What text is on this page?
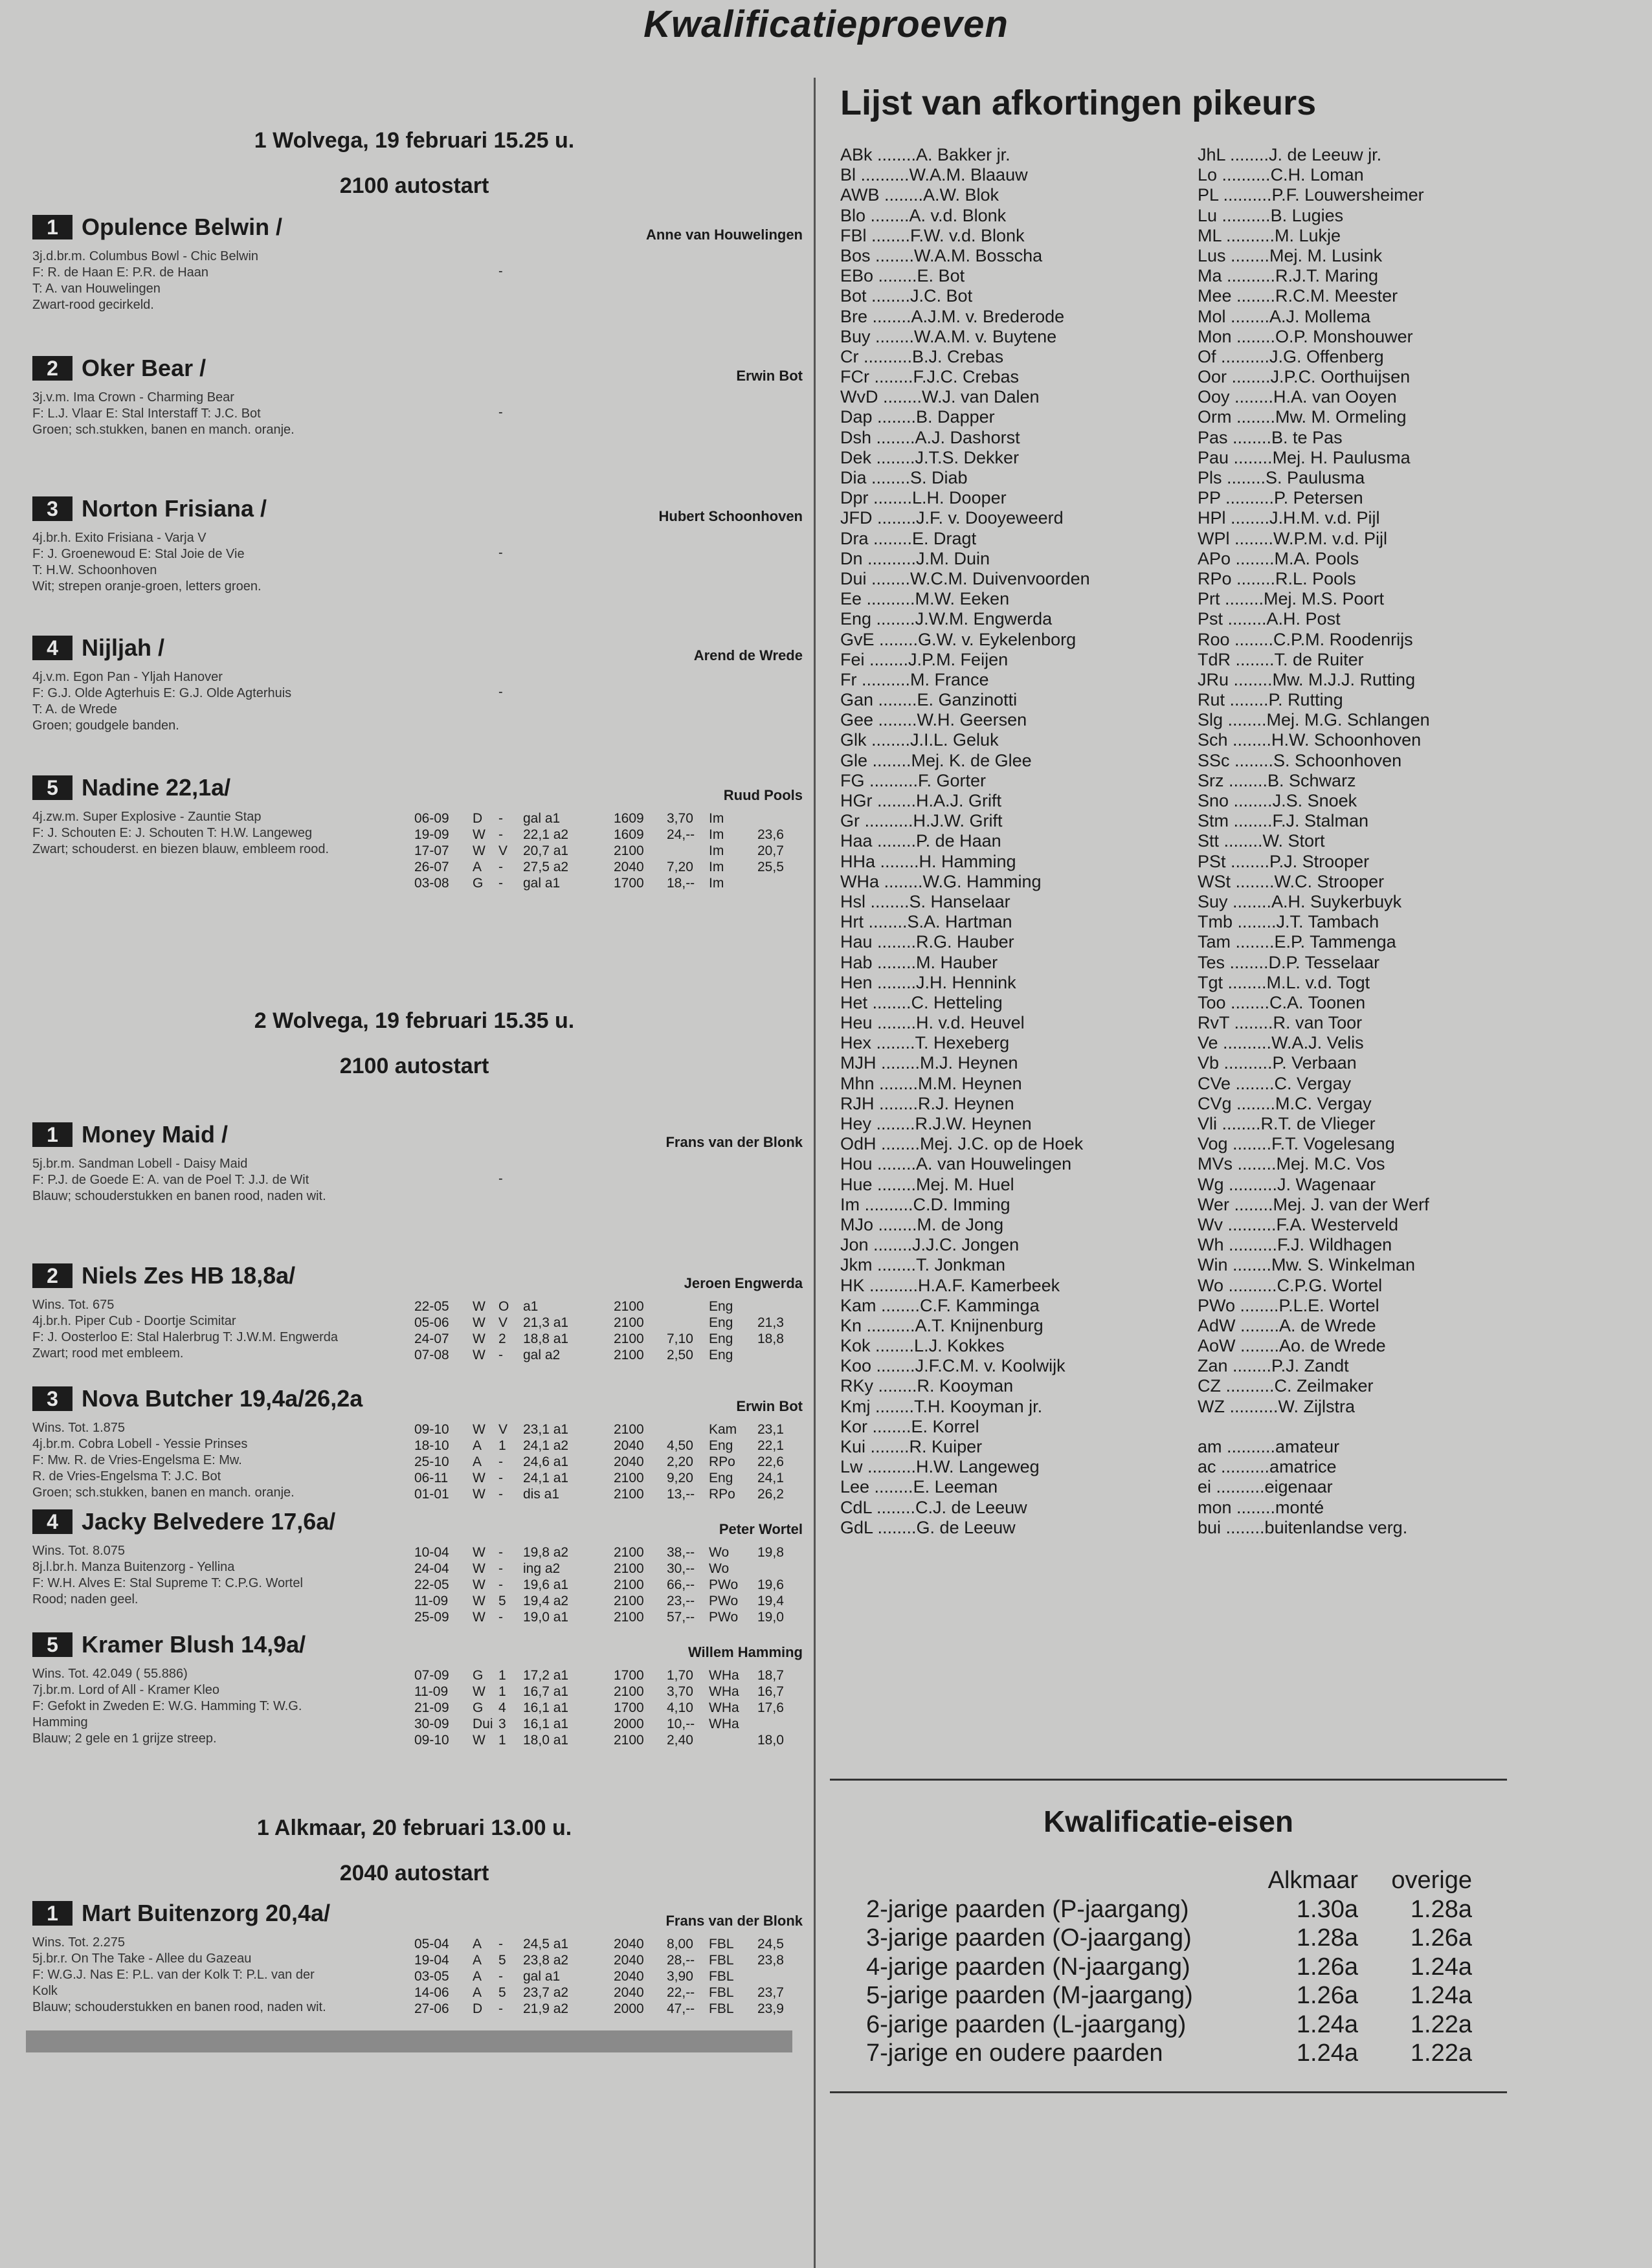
Kwalificatieproeven
1 Wolvega, 19 februari 15.25 u.
2100 autostart
1 Opulence Belwin /	Anne van Houwelingen
3j.d.br.m. Columbus Bowl - Chic Belwin
F: R. de Haan E: P.R. de Haan
T: A. van Houwelingen
Zwart-rood gecirkeld.
-
2 Oker Bear /	Erwin Bot
3j.v.m. Ima Crown - Charming Bear
F: L.J. Vlaar E: Stal Interstaff T: J.C. Bot
Groen; sch.stukken, banen en manch. oranje.
-
3 Norton Frisiana /	Hubert Schoonhoven
4j.br.h. Exito Frisiana - Varja V
F: J. Groenewoud E: Stal Joie de Vie
T: H.W. Schoonhoven
Wit; strepen oranje-groen, letters groen.
-
4 Nijljah /	Arend de Wrede
4j.v.m. Egon Pan - Yljah Hanover
F: G.J. Olde Agterhuis E: G.J. Olde Agterhuis
T: A. de Wrede
Groen; goudgele banden.
-
5 Nadine 22,1a/	Ruud Pools
4j.zw.m. Super Explosive - Zauntie Stap
F: J. Schouten E: J. Schouten T: H.W. Langeweg
Zwart; schouderst. en biezen blauw, embleem rood.
06-09 D - gal a1	1609 3,70 Im
19-09 W - 22,1 a2	1609 24,-- Im 23,6
17-07 W V 20,7 a1	2100	Im 20,7
26-07 A - 27,5 a2	2040 7,20 Im 25,5
03-08 G - gal a1	1700 18,-- Im
2 Wolvega, 19 februari 15.35 u.
2100 autostart
1 Money Maid /	Frans van der Blonk
5j.br.m. Sandman Lobell - Daisy Maid
F: P.J. de Goede E: A. van de Poel T: J.J. de Wit
Blauw; schouderstukken en banen rood, naden wit.
-
2 Niels Zes HB 18,8a/	Jeroen Engwerda
Wins. Tot. 675
4j.br.h. Piper Cub - Doortje Scimitar
F: J. Oosterloo E: Stal Halerbrug T: J.W.M. Engwerda
Zwart; rood met embleem.
22-05 W O a1	2100	Eng
05-06 W V 21,3 a1	2100	Eng 21,3
24-07 W 2 18,8 a1	2100 7,10 Eng 18,8
07-08 W - gal a2	2100 2,50 Eng
3 Nova Butcher 19,4a/26,2a	Erwin Bot
Wins. Tot. 1.875
4j.br.m. Cobra Lobell - Yessie Prinses
F: Mw. R. de Vries-Engelsma E: Mw.
R. de Vries-Engelsma T: J.C. Bot
Groen; sch.stukken, banen en manch. oranje.
09-10 W V 23,1 a1	2100	Kam 23,1
18-10 A 1 24,1 a2	2040 4,50 Eng 22,1
25-10 A - 24,6 a1	2040 2,20 RPo 22,6
06-11 W - 24,1 a1	2100 9,20 Eng 24,1
01-01 W - dis a1	2100 13,-- RPo 26,2
4 Jacky Belvedere 17,6a/	Peter Wortel
Wins. Tot. 8.075
8j.l.br.h. Manza Buitenzorg - Yellina
F: W.H. Alves E: Stal Supreme T: C.P.G. Wortel
Rood; naden geel.
10-04 W - 19,8 a2	2100 38,-- Wo 19,8
24-04 W - ing a2	2100 30,-- Wo
22-05 W - 19,6 a1	2100 66,-- PWo 19,6
11-09 W 5 19,4 a2	2100 23,-- PWo 19,4
25-09 W - 19,0 a1	2100 57,-- PWo 19,0
5 Kramer Blush 14,9a/	Willem Hamming
Wins. Tot. 42.049 ( 55.886)
7j.br.m. Lord of All - Kramer Kleo
F: Gefokt in Zweden E: W.G. Hamming T: W.G.
Hamming
Blauw; 2 gele en 1 grijze streep.
07-09 G 1 17,2 a1	1700 1,70 WHa 18,7
11-09 W 1 16,7 a1	2100 3,70 WHa 16,7
21-09 G 4 16,1 a1	1700 4,10 WHa 17,6
30-09 Dui 3 16,1 a1	2000 10,-- WHa
09-10 W 1 18,0 a1	2100 2,40	18,0
1 Alkmaar, 20 februari 13.00 u.
2040 autostart
1 Mart Buitenzorg 20,4a/	Frans van der Blonk
Wins. Tot. 2.275
5j.br.r. On The Take - Allee du Gazeau
F: W.G.J. Nas E: P.L. van der Kolk T: P.L. van der
Kolk
Blauw; schouderstukken en banen rood, naden wit.
05-04 A - 24,5 a1	2040 8,00 FBL 24,5
19-04 A 5 23,8 a2	2040 28,-- FBL 23,8
03-05 A - gal a1	2040 3,90 FBL
14-06 A 5 23,7 a2	2040 22,-- FBL 23,7
27-06 D - 21,9 a2	2000 47,-- FBL 23,9
Lijst van afkortingen pikeurs
ABk ........A. Bakker jr.
Bl ..........W.A.M. Blaauw
AWB ........A.W. Blok
Blo ........A. v.d. Blonk
FBl ........F.W. v.d. Blonk
Bos ........W.A.M. Bosscha
EBo ........E. Bot
Bot ........J.C. Bot
Bre ........A.J.M. v. Brederode
Buy ........W.A.M. v. Buytene
Cr ..........B.J. Crebas
FCr ........F.J.C. Crebas
WvD ........W.J. van Dalen
Dap ........B. Dapper
Dsh ........A.J. Dashorst
Dek ........J.T.S. Dekker
Dia ........S. Diab
Dpr ........L.H. Dooper
JFD ........J.F. v. Dooyeweerd
Dra ........E. Dragt
Dn ..........J.M. Duin
Dui ........W.C.M. Duivenvoorden
Ee ..........M.W. Eeken
Eng ........J.W.M. Engwerda
GvE ........G.W. v. Eykelenborg
Fei ........J.P.M. Feijen
Fr ..........M. France
Gan ........E. Ganzinotti
Gee ........W.H. Geersen
Glk ........J.I.L. Geluk
Gle ........Mej. K. de Glee
FG ..........F. Gorter
HGr ........H.A.J. Grift
Gr ..........H.J.W. Grift
Haa ........P. de Haan
HHa ........H. Hamming
WHa ........W.G. Hamming
Hsl ........S. Hanselaar
Hrt ........S.A. Hartman
Hau ........R.G. Hauber
Hab ........M. Hauber
Hen ........J.H. Hennink
Het ........C. Hetteling
Heu ........H. v.d. Heuvel
Hex ........T. Hexeberg
MJH ........M.J. Heynen
Mhn ........M.M. Heynen
RJH ........R.J. Heynen
Hey ........R.J.W. Heynen
OdH ........Mej. J.C. op de Hoek
Hou ........A. van Houwelingen
Hue ........Mej. M. Huel
Im ..........C.D. Imming
MJo ........M. de Jong
Jon ........J.J.C. Jongen
Jkm ........T. Jonkman
HK ..........H.A.F. Kamerbeek
Kam ........C.F. Kamminga
Kn ..........A.T. Knijnenburg
Kok ........L.J. Kokkes
Koo ........J.F.C.M. v. Koolwijk
RKy ........R. Kooyman
Kmj ........T.H. Kooyman jr.
Kor ........E. Korrel
Kui ........R. Kuiper
Lw ..........H.W. Langeweg
Lee ........E. Leeman
CdL ........C.J. de Leeuw
GdL ........G. de Leeuw
JhL ........J. de Leeuw jr.
Lo ..........C.H. Loman
PL ..........P.F. Louwersheimer
Lu ..........B. Lugies
ML ..........M. Lukje
Lus ........Mej. M. Lusink
Ma ..........R.J.T. Maring
Mee ........R.C.M. Meester
Mol ........A.J. Mollema
Mon ........O.P. Monshouwer
Of ..........J.G. Offenberg
Oor ........J.P.C. Oorthuijsen
Ooy ........H.A. van Ooyen
Orm ........Mw. M. Ormeling
Pas ........B. te Pas
Pau ........Mej. H. Paulusma
Pls ........S. Paulusma
PP ..........P. Petersen
HPl ........J.H.M. v.d. Pijl
WPl ........W.P.M. v.d. Pijl
APo ........M.A. Pools
RPo ........R.L. Pools
Prt ........Mej. M.S. Poort
Pst ........A.H. Post
Roo ........C.P.M. Roodenrijs
TdR ........T. de Ruiter
JRu ........Mw. M.J.J. Rutting
Rut ........P. Rutting
Slg ........Mej. M.G. Schlangen
Sch ........H.W. Schoonhoven
SSc ........S. Schoonhoven
Srz ........B. Schwarz
Sno ........J.S. Snoek
Stm ........F.J. Stalman
Stt ........W. Stort
PSt ........P.J. Strooper
WSt ........W.C. Strooper
Suy ........A.H. Suykerbuyk
Tmb ........J.T. Tambach
Tam ........E.P. Tammenga
Tes ........D.P. Tesselaar
Tgt ........M.L. v.d. Togt
Too ........C.A. Toonen
RvT ........R. van Toor
Ve ..........W.A.J. Velis
Vb ..........P. Verbaan
CVe ........C. Vergay
CVg ........M.C. Vergay
Vli ........R.T. de Vlieger
Vog ........F.T. Vogelesang
MVs ........Mej. M.C. Vos
Wg ..........J. Wagenaar
Wer ........Mej. J. van der Werf
Wv ..........F.A. Westerveld
Wh ..........F.J. Wildhagen
Win ........Mw. S. Winkelman
Wo ..........C.P.G. Wortel
PWo ........P.L.E. Wortel
AdW ........A. de Wrede
AoW ........Ao. de Wrede
Zan ........P.J. Zandt
CZ ..........C. Zeilmaker
WZ ..........W. Zijlstra
am ..........amateur
ac ..........amatrice
ei ..........eigenaar
mon ........monté
bui ........buitenlandse verg.
Kwalificatie-eisen
Alkmaar overige
2-jarige paarden (P-jaargang)	1.30a	1.28a
3-jarige paarden (O-jaargang)	1.28a	1.26a
4-jarige paarden (N-jaargang)	1.26a	1.24a
5-jarige paarden (M-jaargang)	1.26a	1.24a
6-jarige paarden (L-jaargang)	1.24a	1.22a
7-jarige en oudere paarden	1.24a	1.22a
